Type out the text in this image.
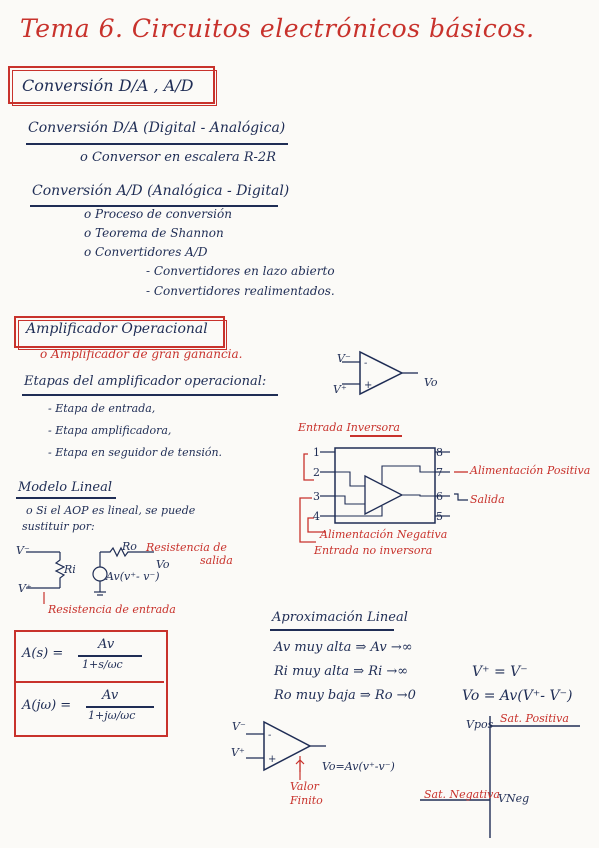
Tema 6. Circuitos electrónicos básicos.
Conversión D/A , A/D
Conversión D/A (Digital - Analógica)
o Conversor en escalera R-2R
Conversión A/D (Analógica - Digital)
o Proceso de conversión
o Teorema de Shannon
o Convertidores A/D
- Convertidores en lazo abierto
- Convertidores realimentados.
Amplificador Operacional
o Amplificador de gran ganancia.
Etapas del amplificador operacional:
- Etapa de entrada,
- Etapa amplificadora,
- Etapa en seguidor de tensión.
-
+
V⁻
V⁺
Vo
Entrada Inversora
1
2
3
4	5
6
7
8
Alimentación Positiva
Salida
Alimentación Negativa
Entrada no inversora
Modelo Lineal
o Si el AOP es lineal, se puede
sustituir por:
V⁻
V⁺
Ri
Ro
Vo
Av(v⁺- v⁻)
Resistencia de
salida
Resistencia de entrada
A(s) =
Av
1+s/ωc
A(jω) =
Av
1+jω/ωc
Aproximación Lineal
Av muy alta ⇒ Av →∞
Ri muy alta ⇒ Ri →∞
Ro muy baja ⇒ Ro →0
V⁺ = V⁻
Vo = Av(V⁺- V⁻)
-
+
V⁻
V⁺
Vo=Av(v⁺-v⁻)
Valor
Finito
Vpos Sat. Positiva
Sat. Negativa
VNeg
